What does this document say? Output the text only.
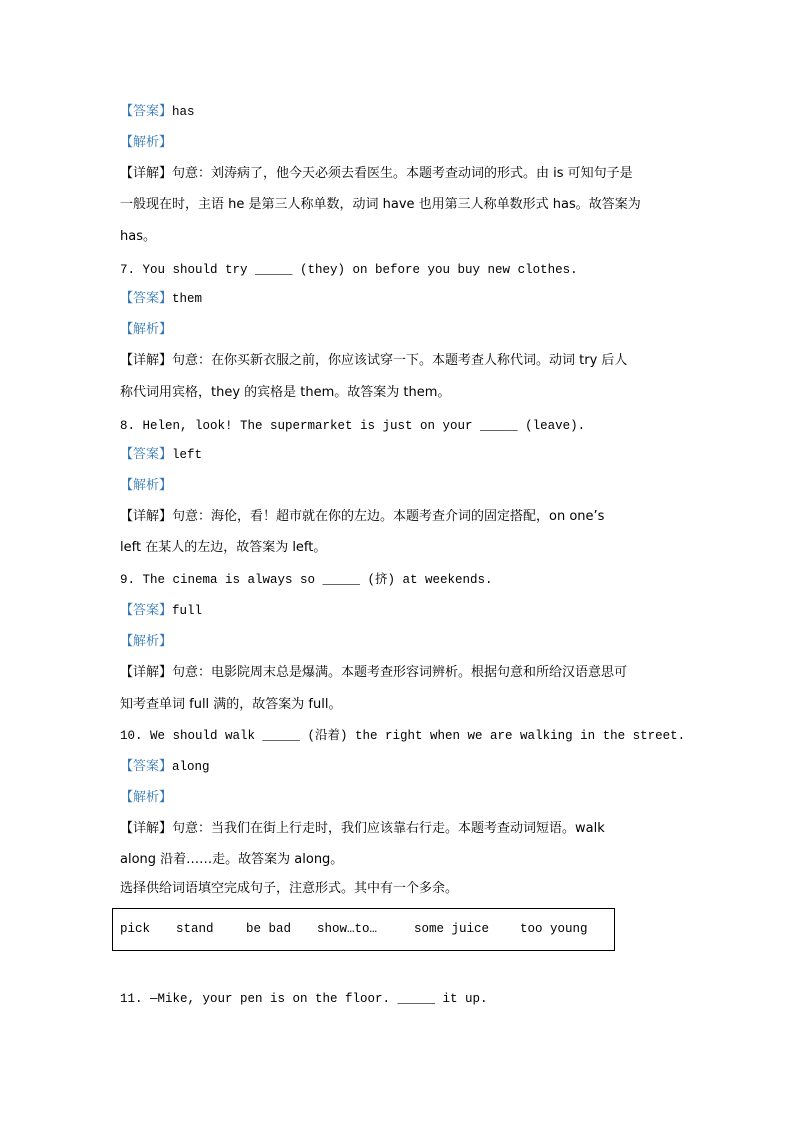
【答案】has
【解析】
【详解】句意：刘涛病了，他今天必须去看医生。本题考查动词的形式。由 is 可知句子是
一般现在时，主语 he 是第三人称单数，动词 have 也用第三人称单数形式 has。故答案为
has。
7. You should try _____ (they) on before you buy new clothes.
【答案】them
【解析】
【详解】句意：在你买新衣服之前，你应该试穿一下。本题考查人称代词。动词 try 后人
称代词用宾格，they 的宾格是 them。故答案为 them。
8. Helen, look! The supermarket is just on your _____ (leave).
【答案】left
【解析】
【详解】句意：海伦，看！超市就在你的左边。本题考查介词的固定搭配，on one’s
left 在某人的左边，故答案为 left。
9. The cinema is always so _____ (挤) at weekends.
【答案】full
【解析】
【详解】句意：电影院周末总是爆满。本题考查形容词辨析。根据句意和所给汉语意思可
知考查单词 full 满的，故答案为 full。
10. We should walk _____ (沿着) the right when we are walking in the street.
【答案】along
【解析】
【详解】句意：当我们在街上行走时，我们应该靠右行走。本题考查动词短语。walk
along 沿着……走。故答案为 along。
选择供给词语填空完成句子，注意形式。其中有一个多余。
pick stand	be bad show…to…	some juice too young
11. —Mike, your pen is on the floor. _____ it up.
